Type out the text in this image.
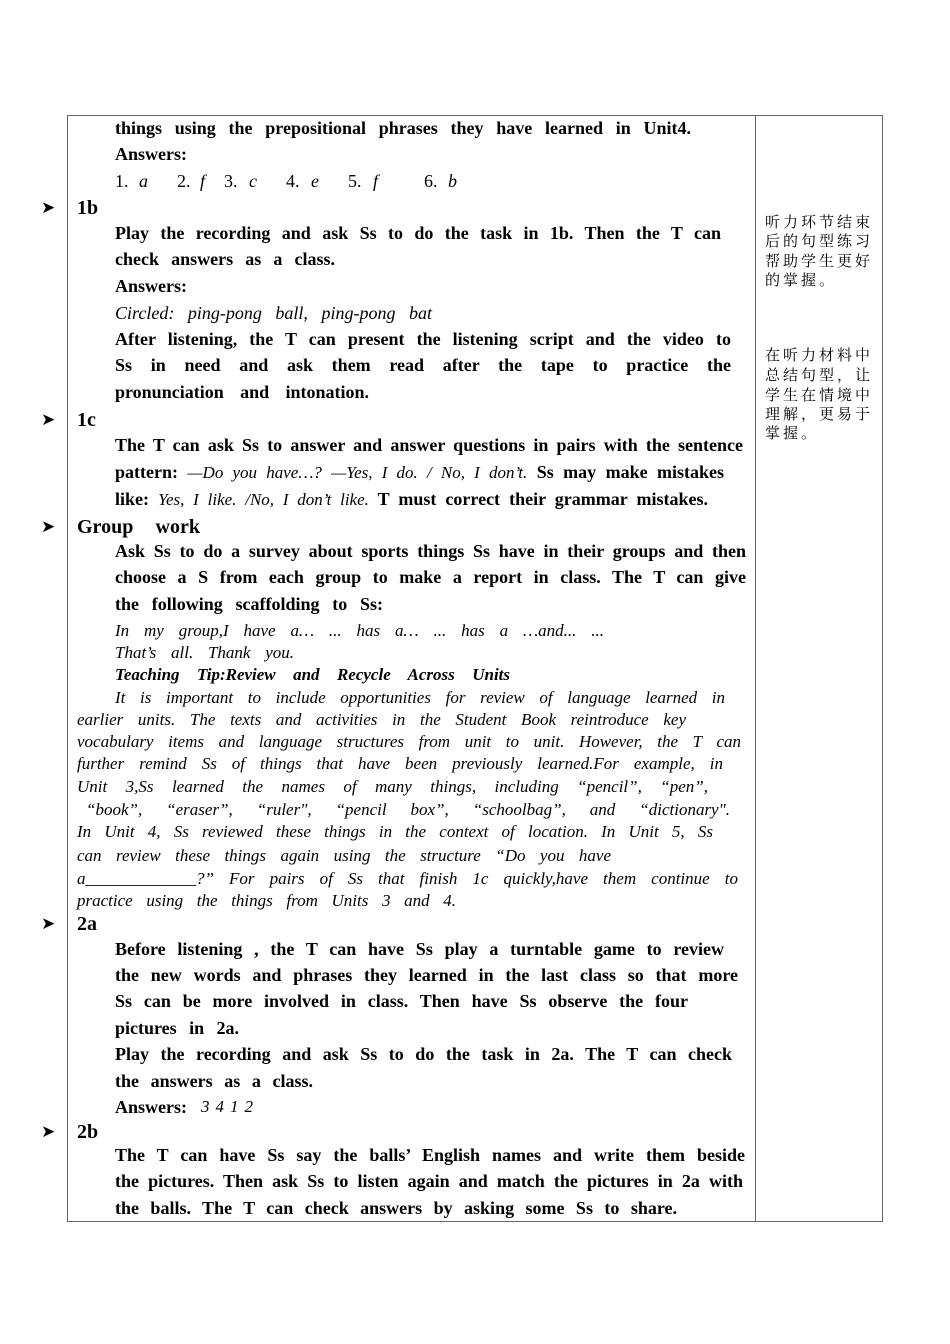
things using the prepositional phrases they have learned in Unit4.
Answers:
1. a 2. f 3. c 4. e 5. f	6. b
➤ 1b
Play the recording and ask Ss to do the task in 1b. Then the T can
check answers as a class.
Answers:
Circled: ping-pong ball, ping-pong bat
After listening, the T can present the listening script and the video to
Ss in need and ask them read after the tape to practice the
pronunciation and intonation.
➤ 1c
The T can ask Ss to answer and answer questions in pairs with the sentence
pattern: —Do you have…? —Yes, I do. / No, I don’t. Ss may make mistakes
like: Yes, I like. /No, I don’t like. T must correct their grammar mistakes.
➤ Group work
Ask Ss to do a survey about sports things Ss have in their groups and then
choose a S from each group to make a report in class. The T can give
the following scaffolding to Ss:
In my group,I have a… ... has a… ... has a …and... ...
That’s all. Thank you.
Teaching Tip:Review and Recycle Across Units
It is important to include opportunities for review of language learned in
earlier units. The texts and activities in the Student Book reintroduce key
vocabulary items and language structures from unit to unit. However, the T can
further remind Ss of things that have been previously learned.For example, in
Unit 3,Ss learned the names of many things, including “pencil”, “pen”,
“book”, “eraser”, “ruler", “pencil box”, “schoolbag”, and “dictionary".
In Unit 4, Ss reviewed these things in the context of location. In Unit 5, Ss
can review these things again using the structure “Do you have
a_____________?” For pairs of Ss that finish 1c quickly,have them continue to
practice using the things from Units 3 and 4.
➤ 2a
Before listening , the T can have Ss play a turntable game to review
the new words and phrases they learned in the last class so that more
Ss can be more involved in class. Then have Ss observe the four
pictures in 2a.
Play the recording and ask Ss to do the task in 2a. The T can check
the answers as a class.
Answers: 3 4 1 2
➤ 2b
The T can have Ss say the balls’ English names and write them beside
the pictures. Then ask Ss to listen again and match the pictures in 2a with
the balls. The T can check answers by asking some Ss to share.
听力环节结束
后的句型练习
帮助学生更好
的掌握。
在听力材料中
总结句型，让
学生在情境中
理解，更易于
掌握。
